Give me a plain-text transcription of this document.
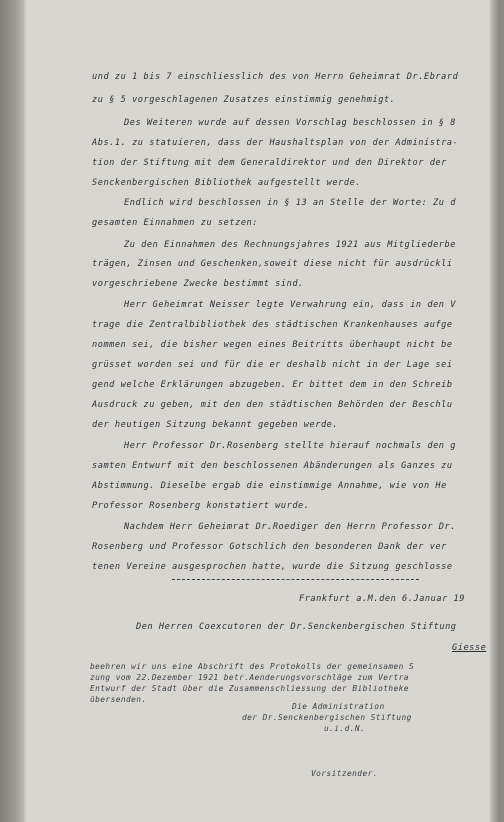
und zu 1 bis 7 einschliesslich des von Herrn Geheimrat Dr.Ebrard
zu § 5 vorgeschlagenen Zusatzes einstimmig genehmigt.
Des Weiteren wurde auf dessen Vorschlag beschlossen in § 8
Abs.1. zu statuieren, dass der Haushaltsplan von der Administra-
tion der Stiftung mit dem Generaldirektor und den Direktor der
Senckenbergischen Bibliothek aufgestellt werde.
Endlich wird beschlossen in § 13 an Stelle der Worte: Zu d
gesamten Einnahmen zu setzen:
Zu den Einnahmen des Rechnungsjahres 1921 aus Mitgliederbe
trägen, Zinsen und Geschenken,soweit diese nicht für ausdrückli
vorgeschriebene Zwecke bestimmt sind.
Herr Geheimrat Neisser legte Verwahrung ein, dass in den V
trage die Zentralbibliothek des städtischen Krankenhauses aufge
nommen sei, die bisher wegen eines Beitritts überhaupt nicht be
grüsset worden sei und für die er deshalb nicht in der Lage sei
gend welche Erklärungen abzugeben. Er bittet dem in den Schreib
Ausdruck zu geben, mit den den städtischen Behörden der Beschlu
der heutigen Sitzung bekannt gegeben werde.
Herr Professor Dr.Rosenberg stellte hierauf nochmals den g
samten Entwurf mit den beschlossenen Abänderungen als Ganzes zu
Abstimmung. Dieselbe ergab die einstimmige Annahme, wie von He
Professor Rosenberg konstatiert wurde.
Nachdem Herr Geheimrat Dr.Roediger den Herrn Professor Dr.
Rosenberg und Professor Gotschlich den besonderen Dank der ver
tenen Vereine ausgesprochen hatte, wurde die Sitzung geschlosse
Frankfurt a.M.den 6.Januar 19
Den Herren Coexcutoren der Dr.Senckenbergischen Stiftung
Giesse
beehren wir uns eine Abschrift des Protokolls der gemeinsamen S
zung vom 22.Dezember 1921 betr.Aenderungsvorschläge zum Vertra
Entwurf der Stadt über die Zusammenschliessung der Bibliotheke
übersenden.
Die Administration
der Dr.Senckenbergischen Stiftung
u.i.d.N.
Vorsitzender.
